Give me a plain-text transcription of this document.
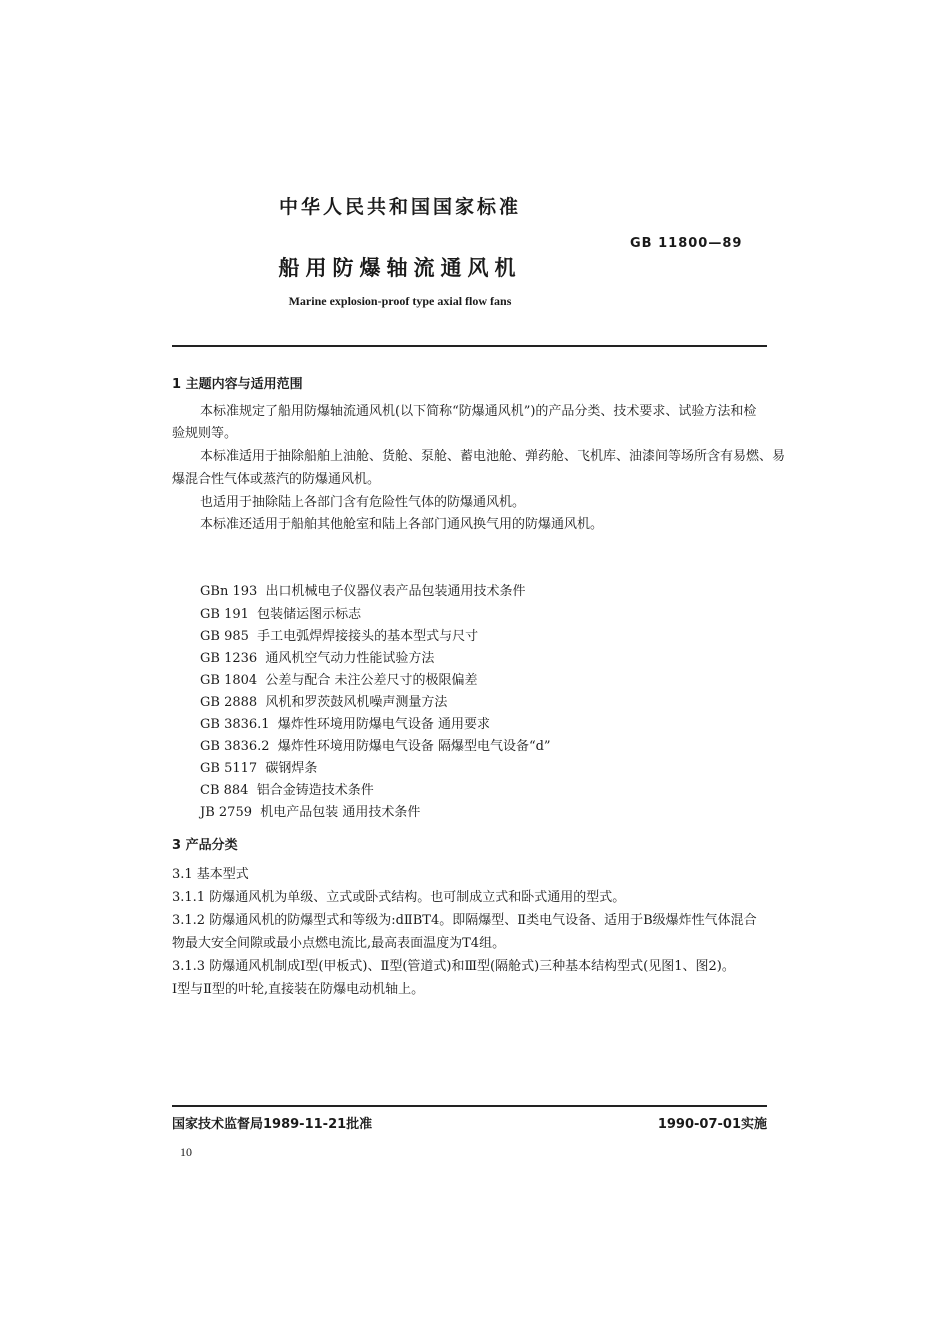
中华人民共和国国家标准
GB 11800—89
船用防爆轴流通风机
Marine explosion-proof type axial flow fans
1 主题内容与适用范围
本标准规定了船用防爆轴流通风机(以下简称“防爆通风机”)的产品分类、技术要求、试验方法和检
验规则等。
本标准适用于抽除船舶上油舱、货舱、泵舱、蓄电池舱、弹药舱、飞机库、油漆间等场所含有易燃、易
爆混合性气体或蒸汽的防爆通风机。
也适用于抽除陆上各部门含有危险性气体的防爆通风机。
本标准还适用于船舶其他舱室和陆上各部门通风换气用的防爆通风机。
GBn 193 出口机械电子仪器仪表产品包装通用技术条件
GB 191 包装储运图示标志
GB 985 手工电弧焊焊接接头的基本型式与尺寸
GB 1236 通风机空气动力性能试验方法
GB 1804 公差与配合 未注公差尺寸的极限偏差
GB 2888 风机和罗茨鼓风机噪声测量方法
GB 3836.1 爆炸性环境用防爆电气设备 通用要求
GB 3836.2 爆炸性环境用防爆电气设备 隔爆型电气设备“d”
GB 5117 碳钢焊条
CB 884 铝合金铸造技术条件
JB 2759 机电产品包装 通用技术条件
3 产品分类
3.1 基本型式
3.1.1 防爆通风机为单级、立式或卧式结构。也可制成立式和卧式通用的型式。
3.1.2 防爆通风机的防爆型式和等级为:dⅡBT4。即隔爆型、Ⅱ类电气设备、适用于B级爆炸性气体混合
物最大安全间隙或最小点燃电流比,最高表面温度为T4组。
3.1.3 防爆通风机制成Ⅰ型(甲板式)、Ⅱ型(管道式)和Ⅲ型(隔舱式)三种基本结构型式(见图1、图2)。
Ⅰ型与Ⅱ型的叶轮,直接装在防爆电动机轴上。
国家技术监督局1989-11-21批准	1990-07-01实施
10
